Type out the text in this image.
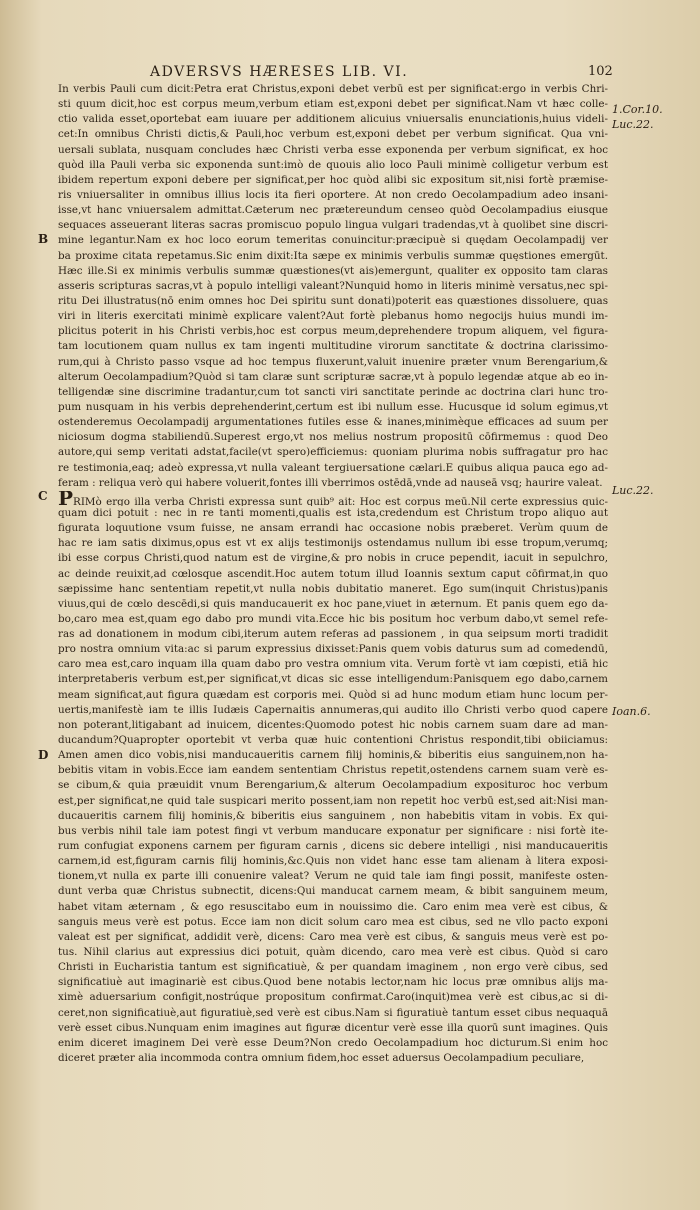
ADVERSVS HÆRESES LIB. VI.	102
B
C
D
1.Cor.10.
Luc.22.
Luc.22.
Ioan.6.
In verbis Pauli cum dicit:Petra erat Christus,exponi debet verbū est per significat:ergo in verbis Chri-
sti quum dicit,hoc est corpus meum,verbum etiam est,exponi debet per significat.Nam vt hæc colle-
ctio valida esset,oportebat eam iuuare per additionem alicuius vniuersalis enunciationis,huius videli-
cet:In omnibus Christi dictis,& Pauli,hoc verbum est,exponi debet per verbum significat. Qua vni-
uersali sublata, nusquam concludes hæc Christi verba esse exponenda per verbum significat, ex hoc
quòd illa Pauli verba sic exponenda sunt:imò de quouis alio loco Pauli minimè colligetur verbum est
ibidem repertum exponi debere per significat,per hoc quòd alibi sic expositum sit,nisi fortè præmise-
ris vniuersaliter in omnibus illius locis ita fieri oportere. At non credo Oecolampadium adeo insani-
isse,vt hanc vniuersalem admittat.Cæterum nec prætereundum censeo quòd Oecolampadius eiusque
sequaces asseuerant literas sacras promiscuo populo lingua vulgari tradendas,vt à quolibet sine discri-
mine legantur.Nam ex hoc loco eorum temeritas conuincitur:præcipuè si quędam Oecolampadij ver
ba proxime citata repetamus.Sic enim dixit:Ita sæpe ex minimis verbulis summæ quęstiones emergūt.
Hæc ille.Si ex minimis verbulis summæ quæstiones(vt ais)emergunt, qualiter ex opposito tam claras
asseris scripturas sacras,vt à populo intelligi valeant?Nunquid homo in literis minimè versatus,nec spi-
ritu Dei illustratus(nō enim omnes hoc Dei spiritu sunt donati)poterit eas quæstiones dissoluere, quas
viri in literis exercitati minimè explicare valent?Aut fortè plebanus homo negocijs huius mundi im-
plicitus poterit in his Christi verbis,hoc est corpus meum,deprehendere tropum aliquem, vel figura-
tam locutionem quam nullus ex tam ingenti multitudine virorum sanctitate & doctrina clarissimo-
rum,qui à Christo passo vsque ad hoc tempus fluxerunt,valuit inuenire præter vnum Berengarium,&
alterum Oecolampadium?Quòd si tam claræ sunt scripturæ sacræ,vt à populo legendæ atque ab eo in-
telligendæ sine discrimine tradantur,cum tot sancti viri sanctitate perinde ac doctrina clari hunc tro-
pum nusquam in his verbis deprehenderint,certum est ibi nullum esse. Hucusque id solum egimus,vt
ostenderemus Oecolampadij argumentationes futiles esse & inanes,minimèque efficaces ad suum per
niciosum dogma stabiliendū.Superest ergo,vt nos melius nostrum propositū cōfirmemus : quod Deo
autore,qui semp veritati adstat,facile(vt spero)efficiemus: quoniam plurima nobis suffragatur pro hac
re testimonia,eaq; adeò expressa,vt nulla valeant tergiuersatione cælari.E quibus aliqua pauca ego ad-
feram : reliqua verò qui habere voluerit,fontes illi vberrimos ostēdā,vnde ad nauseā vsq; haurire valeat.
PRIMò ergo illa verba Christi expressa sunt quib⁹ ait: Hoc est corpus meū.Nil certe expressius quic-
quam dici potuit : nec in re tanti momenti,qualis est ista,credendum est Christum tropo aliquo aut
figurata loquutione vsum fuisse, ne ansam errandi hac occasione nobis præberet. Verùm quum de
hac re iam satis diximus,opus est vt ex alijs testimonijs ostendamus nullum ibi esse tropum,verumq;
ibi esse corpus Christi,quod natum est de virgine,& pro nobis in cruce pependit, iacuit in sepulchro,
ac deinde reuixit,ad cœlosque ascendit.Hoc autem totum illud Ioannis sextum caput cōfirmat,in quo
sæpissime hanc sententiam repetit,vt nulla nobis dubitatio maneret. Ego sum(inquit Christus)panis
viuus,qui de cœlo descēdi,si quis manducauerit ex hoc pane,viuet in æternum. Et panis quem ego da-
bo,caro mea est,quam ego dabo pro mundi vita.Ecce hic bis positum hoc verbum dabo,vt semel refe-
ras ad donationem in modum cibi,iterum autem referas ad passionem , in qua seipsum morti tradidit
pro nostra omnium vita:ac si parum expressius dixisset:Panis quem vobis daturus sum ad comedendū,
caro mea est,caro inquam illa quam dabo pro vestra omnium vita. Verum fortè vt iam cœpisti, etiā hic
interpretaberis verbum est,per significat,vt dicas sic esse intelligendum:Panisquem ego dabo,carnem
meam significat,aut figura quædam est corporis mei. Quòd si ad hunc modum etiam hunc locum per-
uertis,manifestè iam te illis Iudæis Capernaitis annumeras,qui audito illo Christi verbo quod capere
non poterant,litigabant ad inuicem, dicentes:Quomodo potest hic nobis carnem suam dare ad man-
ducandum?Quapropter oportebit vt verba quæ huic contentioni Christus respondit,tibi obiiciamus:
Amen amen dico vobis,nisi manducaueritis carnem filij hominis,& biberitis eius sanguinem,non ha-
bebitis vitam in vobis.Ecce iam eandem sententiam Christus repetit,ostendens carnem suam verè es-
se cibum,& quia præuidit vnum Berengarium,& alterum Oecolampadium expositurос hoc verbum
est,per significat,ne quid tale suspicari merito possent,iam non repetit hoc verbū est,sed ait:Nisi man-
ducaueritis carnem filij hominis,& biberitis eius sanguinem , non habebitis vitam in vobis. Ex qui-
bus verbis nihil tale iam potest fingi vt verbum manducare exponatur per significare : nisi fortè ite-
rum confugiat exponens carnem per figuram carnis , dicens sic debere intelligi , nisi manducaueritis
carnem,id est,figuram carnis filij hominis,&c.Quis non videt hanc esse tam alienam à litera exposi-
tionem,vt nulla ex parte illi conuenire valeat? Verum ne quid tale iam fingi possit, manifeste osten-
dunt verba quæ Christus subnectit, dicens:Qui manducat carnem meam, & bibit sanguinem meum,
habet vitam æternam , & ego resuscitabo eum in nouissimo die. Caro enim mea verè est cibus, &
sanguis meus verè est potus. Ecce iam non dicit solum caro mea est cibus, sed ne vllo pacto exponi
valeat est per significat, addidit verè, dicens: Caro mea verè est cibus, & sanguis meus verè est po-
tus. Nihil clarius aut expressius dici potuit, quàm dicendo, caro mea verè est cibus. Quòd si caro
Christi in Eucharistia tantum est significatiuè, & per quandam imaginem , non ergo verè cibus, sed
significatiuè aut imaginariè est cibus.Quod bene notabis lector,nam hic locus præ omnibus alijs ma-
ximè aduersarium configit,nostrúque propositum confirmat.Caro(inquit)mea verè est cibus,ac si di-
ceret,non significatiuè,aut figuratiuè,sed verè est cibus.Nam si figuratiuè tantum esset cibus nequaquā
verè esset cibus.Nunquam enim imagines aut figuræ dicentur verè esse illa quorū sunt imagines. Quis
enim diceret imaginem Dei verè esse Deum?Non credo Oecolampadium hoc dicturum.Si enim hoc
diceret præter alia incommoda contra omnium fidem,hoc esset aduersus Oecolampadium peculiare,
